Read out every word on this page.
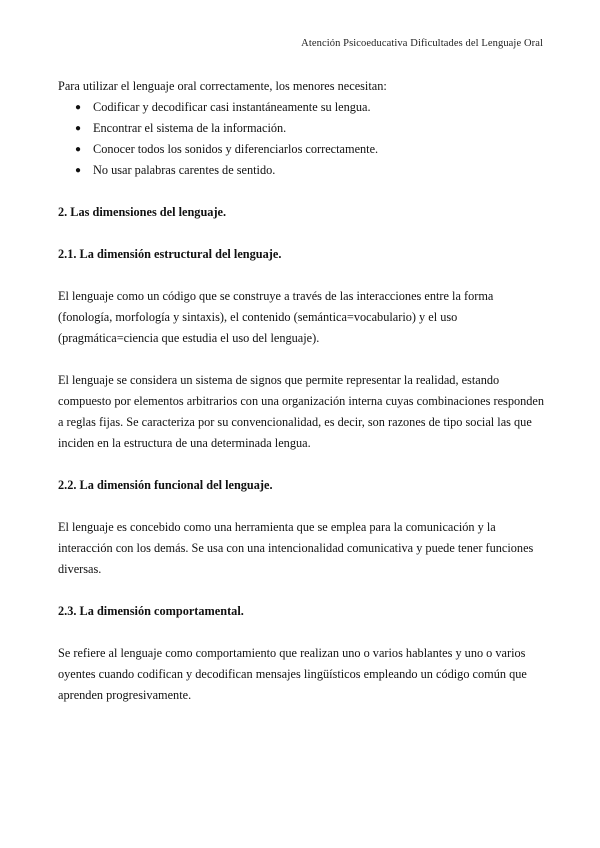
Atención Psicoeducativa Dificultades del Lenguaje Oral

Para utilizar el lenguaje oral correctamente, los menores necesitan:

● Codificar y decodificar casi instantáneamente su lengua.
● Encontrar el sistema de la información.
● Conocer todos los sonidos y diferenciarlos correctamente.
● No usar palabras carentes de sentido.

2. Las dimensiones del lenguaje.

2.1. La dimensión estructural del lenguaje.

El lenguaje como un código que se construye a través de las interacciones entre la forma (fonología, morfología y sintaxis), el contenido (semántica=vocabulario) y el uso (pragmática=ciencia que estudia el uso del lenguaje).

El lenguaje se considera un sistema de signos que permite representar la realidad, estando compuesto por elementos arbitrarios con una organización interna cuyas combinaciones responden a reglas fijas. Se caracteriza por su convencionalidad, es decir, son razones de tipo social las que inciden en la estructura de una determinada lengua.

2.2. La dimensión funcional del lenguaje.

El lenguaje es concebido como una herramienta que se emplea para la comunicación y la interacción con los demás. Se usa con una intencionalidad comunicativa y puede tener funciones diversas.

2.3. La dimensión comportamental.

Se refiere al lenguaje como comportamiento que realizan uno o varios hablantes y uno o varios oyentes cuando codifican y decodifican mensajes lingüísticos empleando un código común que aprenden progresivamente.
